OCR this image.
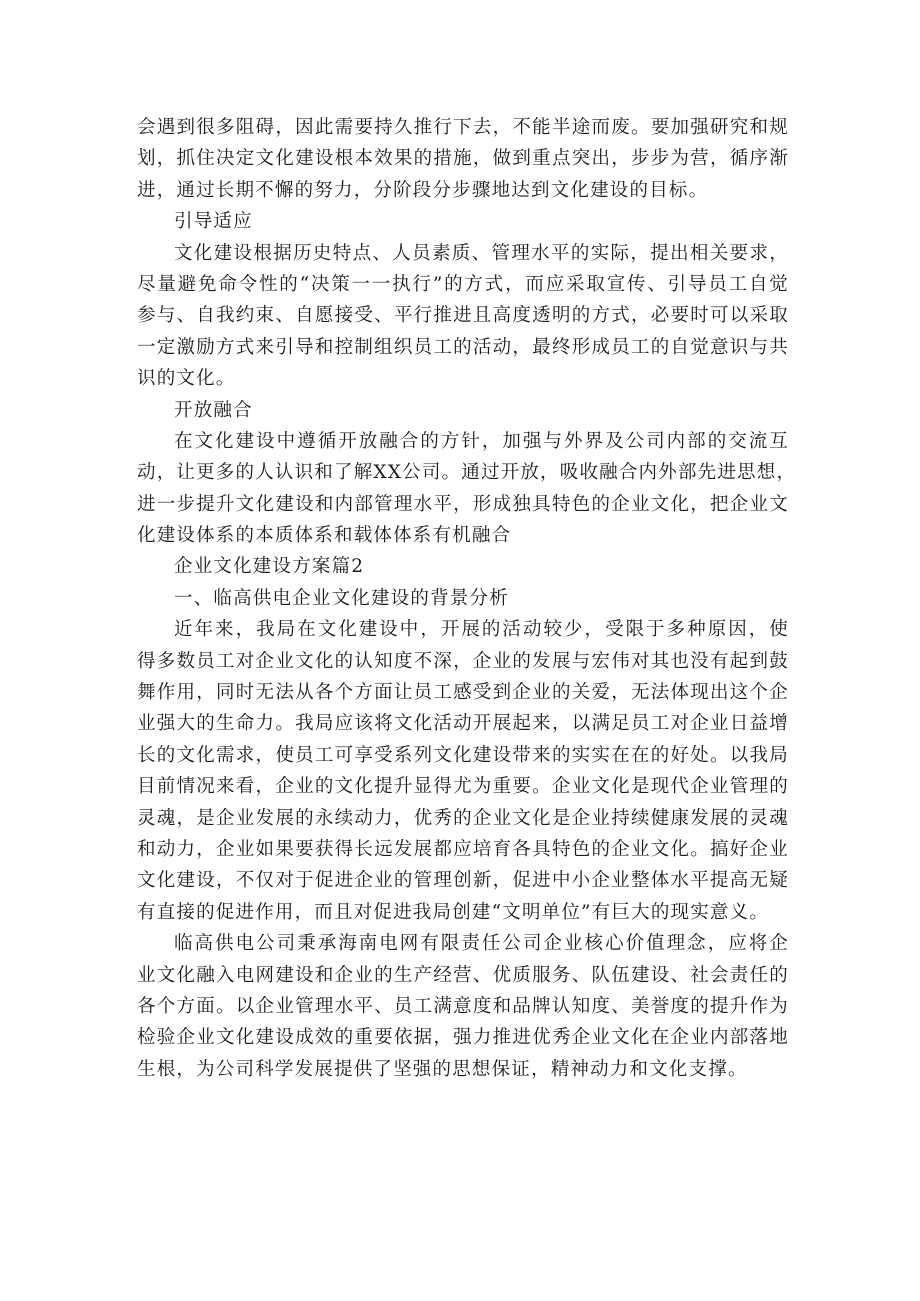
会遇到很多阻碍，因此需要持久推行下去，不能半途而废。要加强研究和规
划，抓住决定文化建设根本效果的措施，做到重点突出，步步为营，循序渐
进，通过长期不懈的努力，分阶段分步骤地达到文化建设的目标。
引导适应
文化建设根据历史特点、人员素质、管理水平的实际，提出相关要求，
尽量避免命令性的“决策一一执行”的方式，而应采取宣传、引导员工自觉
参与、自我约束、自愿接受、平行推进且高度透明的方式，必要时可以采取
一定激励方式来引导和控制组织员工的活动，最终形成员工的自觉意识与共
识的文化。
开放融合
在文化建设中遵循开放融合的方针，加强与外界及公司内部的交流互
动，让更多的人认识和了解XX公司。通过开放，吸收融合内外部先进思想，
进一步提升文化建设和内部管理水平，形成独具特色的企业文化，把企业文
化建设体系的本质体系和载体体系有机融合
企业文化建设方案篇2
一、临高供电企业文化建设的背景分析
近年来，我局在文化建设中，开展的活动较少，受限于多种原因，使
得多数员工对企业文化的认知度不深，企业的发展与宏伟对其也没有起到鼓
舞作用，同时无法从各个方面让员工感受到企业的关爱，无法体现出这个企
业强大的生命力。我局应该将文化活动开展起来，以满足员工对企业日益增
长的文化需求，使员工可享受系列文化建设带来的实实在在的好处。以我局
目前情况来看，企业的文化提升显得尤为重要。企业文化是现代企业管理的
灵魂，是企业发展的永续动力，优秀的企业文化是企业持续健康发展的灵魂
和动力，企业如果要获得长远发展都应培育各具特色的企业文化。搞好企业
文化建设，不仅对于促进企业的管理创新，促进中小企业整体水平提高无疑
有直接的促进作用，而且对促进我局创建“文明单位”有巨大的现实意义。
临高供电公司秉承海南电网有限责任公司企业核心价值理念，应将企
业文化融入电网建设和企业的生产经营、优质服务、队伍建设、社会责任的
各个方面。以企业管理水平、员工满意度和品牌认知度、美誉度的提升作为
检验企业文化建设成效的重要依据，强力推进优秀企业文化在企业内部落地
生根，为公司科学发展提供了坚强的思想保证，精神动力和文化支撑。
